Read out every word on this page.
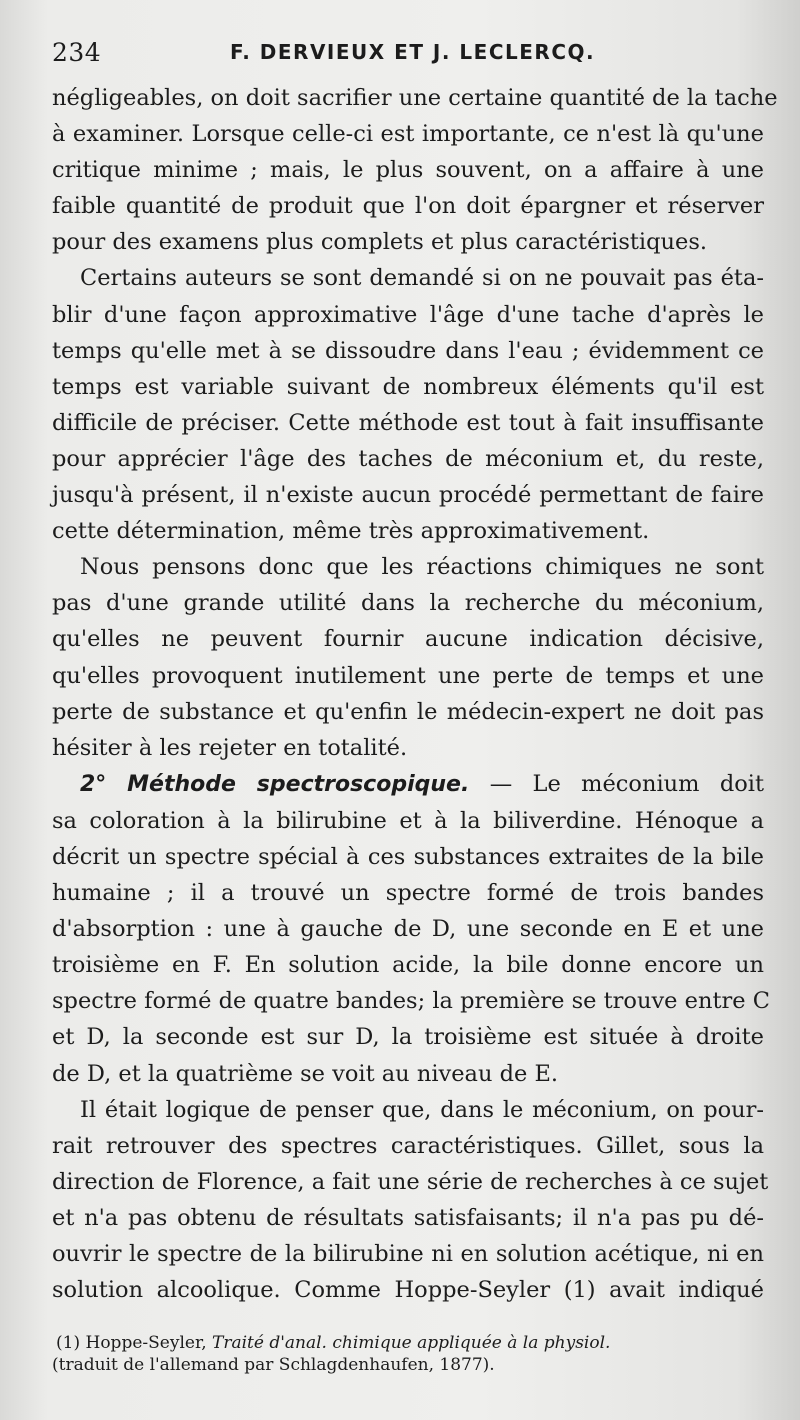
234	F. DERVIEUX ET J. LECLERCQ.

négligeables, on doit sacrifier une certaine quantité de la tache
à examiner. Lorsque celle-ci est importante, ce n'est là qu'une
critique minime ; mais, le plus souvent, on a affaire à une
faible quantité de produit que l'on doit épargner et réserver
pour des examens plus complets et plus caractéristiques.

Certains auteurs se sont demandé si on ne pouvait pas éta-
blir d'une façon approximative l'âge d'une tache d'après le
temps qu'elle met à se dissoudre dans l'eau ; évidemment ce
temps est variable suivant de nombreux éléments qu'il est
difficile de préciser. Cette méthode est tout à fait insuffisante
pour apprécier l'âge des taches de méconium et, du reste,
jusqu'à présent, il n'existe aucun procédé permettant de faire
cette détermination, même très approximativement.

Nous pensons donc que les réactions chimiques ne sont
pas d'une grande utilité dans la recherche du méconium,
qu'elles ne peuvent fournir aucune indication décisive,
qu'elles provoquent inutilement une perte de temps et une
perte de substance et qu'enfin le médecin-expert ne doit pas
hésiter à les rejeter en totalité.

2° Méthode spectroscopique. — Le méconium doit
sa coloration à la bilirubine et à la biliverdine. Hénoque a
décrit un spectre spécial à ces substances extraites de la bile
humaine ; il a trouvé un spectre formé de trois bandes
d'absorption : une à gauche de D, une seconde en E et une
troisième en F. En solution acide, la bile donne encore un
spectre formé de quatre bandes; la première se trouve entre C
et D, la seconde est sur D, la troisième est située à droite
de D, et la quatrième se voit au niveau de E.

Il était logique de penser que, dans le méconium, on pour-
rait retrouver des spectres caractéristiques. Gillet, sous la
direction de Florence, a fait une série de recherches à ce sujet
et n'a pas obtenu de résultats satisfaisants; il n'a pas pu dé-
ouvrir le spectre de la bilirubine ni en solution acétique, ni en
solution alcoolique. Comme Hoppe-Seyler (1) avait indiqué

(1) Hoppe-Seyler, Traité d'anal. chimique appliquée à la physiol.
(traduit de l'allemand par Schlagdenhaufen, 1877).
